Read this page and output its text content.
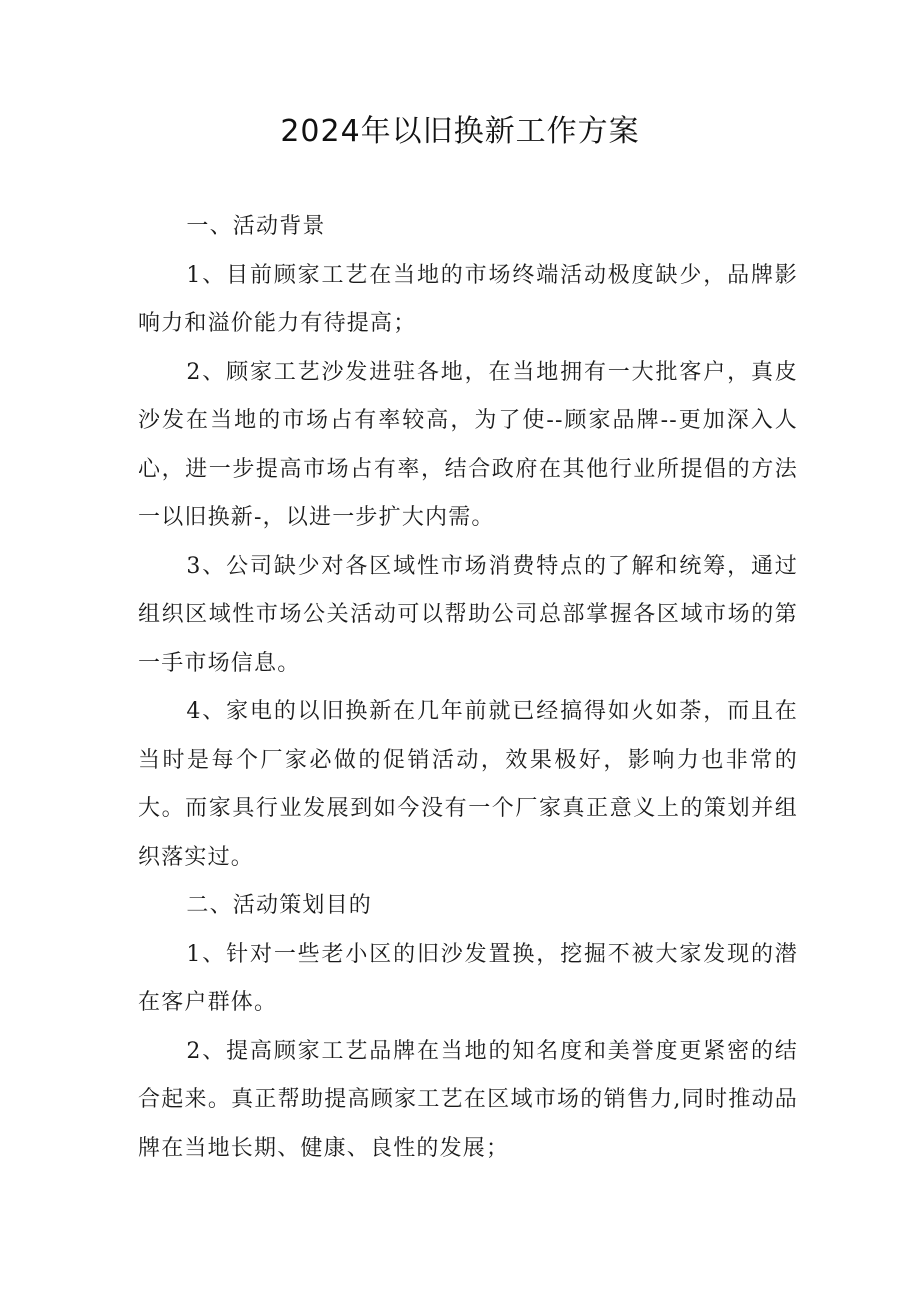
2024年以旧换新工作方案

一、活动背景

1、目前顾家工艺在当地的市场终端活动极度缺少，品牌影响力和溢价能力有待提高；

2、顾家工艺沙发进驻各地，在当地拥有一大批客户，真皮沙发在当地的市场占有率较高，为了使--顾家品牌--更加深入人心，进一步提高市场占有率，结合政府在其他行业所提倡的方法一以旧换新-，以进一步扩大内需。

3、公司缺少对各区域性市场消费特点的了解和统筹，通过组织区域性市场公关活动可以帮助公司总部掌握各区域市场的第一手市场信息。

4、家电的以旧换新在几年前就已经搞得如火如荼，而且在当时是每个厂家必做的促销活动，效果极好，影响力也非常的大。而家具行业发展到如今没有一个厂家真正意义上的策划并组织落实过。

二、活动策划目的

1、针对一些老小区的旧沙发置换，挖掘不被大家发现的潜在客户群体。

2、提高顾家工艺品牌在当地的知名度和美誉度更紧密的结合起来。真正帮助提高顾家工艺在区域市场的销售力,同时推动品牌在当地长期、健康、良性的发展；
